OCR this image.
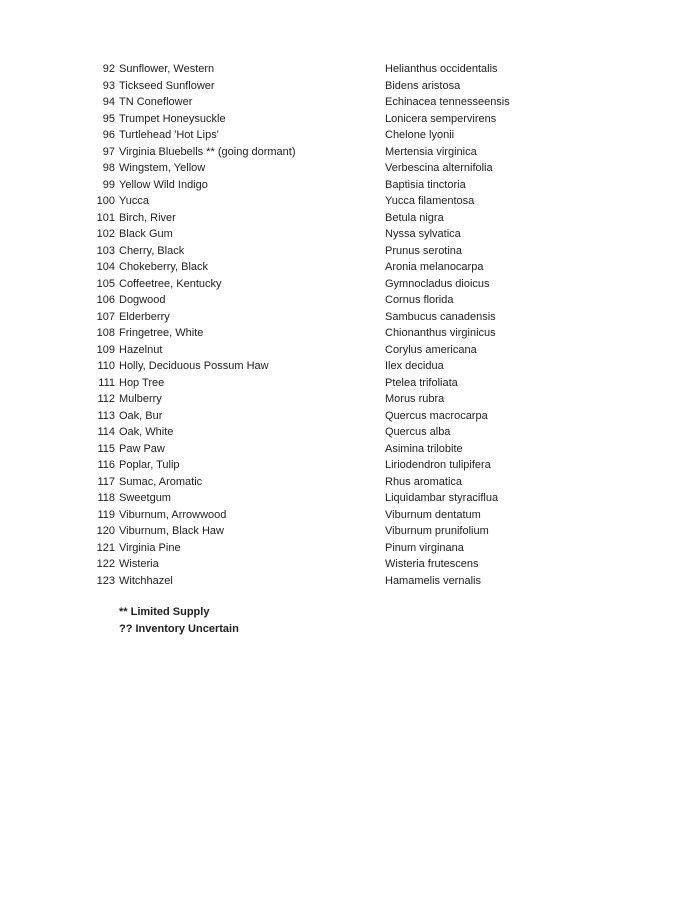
92 Sunflower, Western	Helianthus occidentalis
93 Tickseed Sunflower	Bidens aristosa
94 TN Coneflower	Echinacea tennesseensis
95 Trumpet Honeysuckle	Lonicera sempervirens
96 Turtlehead 'Hot Lips'	Chelone lyonii
97 Virginia Bluebells ** (going dormant)	Mertensia virginica
98 Wingstem, Yellow	Verbescina alternifolia
99 Yellow Wild Indigo	Baptisia tinctoria
100 Yucca	Yucca filamentosa
101 Birch, River	Betula nigra
102 Black Gum	Nyssa sylvatica
103 Cherry, Black	Prunus serotina
104 Chokeberry, Black	Aronia melanocarpa
105 Coffeetree, Kentucky	Gymnocladus dioicus
106 Dogwood	Cornus florida
107 Elderberry	Sambucus canadensis
108 Fringetree, White	Chionanthus virginicus
109 Hazelnut	Corylus americana
110 Holly, Deciduous Possum Haw	Ilex decidua
111 Hop Tree	Ptelea trifoliata
112 Mulberry	Morus rubra
113 Oak, Bur	Quercus macrocarpa
114 Oak, White	Quercus alba
115 Paw Paw	Asimina trilobite
116 Poplar, Tulip	Liriodendron tulipifera
117 Sumac, Aromatic	Rhus aromatica
118 Sweetgum	Liquidambar styraciflua
119 Viburnum, Arrowwood	Viburnum dentatum
120 Viburnum, Black Haw	Viburnum prunifolium
121 Virginia Pine	Pinum virginana
122 Wisteria	Wisteria frutescens
123 Witchhazel	Hamamelis vernalis
** Limited Supply
?? Inventory Uncertain
